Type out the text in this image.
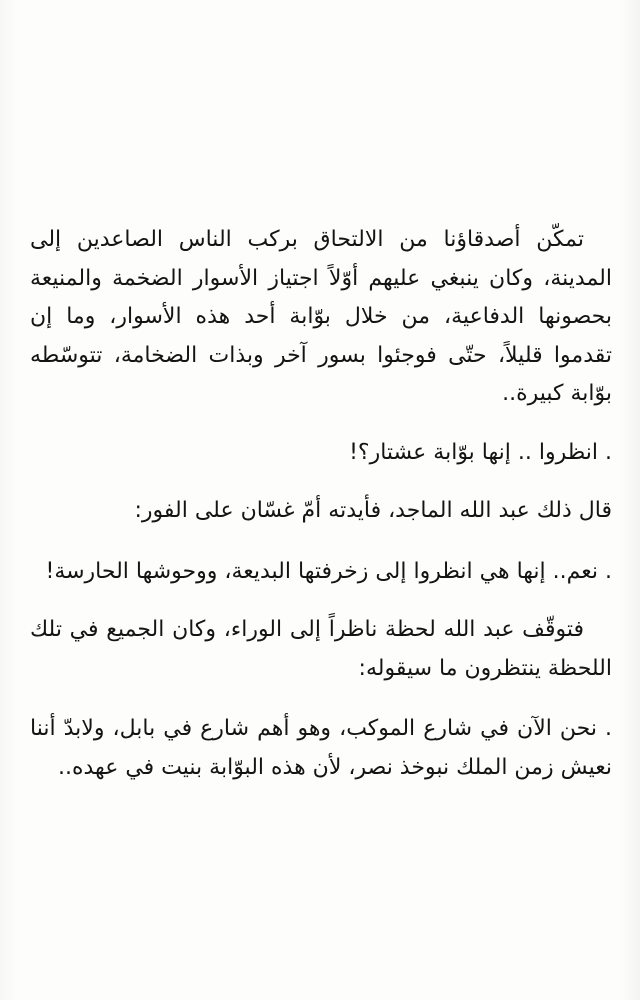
تمكّن أصدقاؤنا من الالتحاق بركب الناس الصاعدين إلى المدينة، وكان ينبغي عليهم أوّلاً اجتياز الأسوار الضخمة والمنيعة بحصونها الدفاعية، من خلال بوّابة أحد هذه الأسوار، وما إن تقدموا قليلاً، حتّى فوجئوا بسور آخر وبذات الضخامة، تتوسّطه بوّابة كبيرة..

. انظروا .. إنها بوّابة عشتار؟!

قال ذلك عبد الله الماجد، فأيدته أمّ غسّان على الفور:

. نعم.. إنها هي انظروا إلى زخرفتها البديعة، ووحوشها الحارسة!

فتوقّف عبد الله لحظة ناظراً إلى الوراء، وكان الجميع في تلك اللحظة ينتظرون ما سيقوله:

. نحن الآن في شارع الموكب، وهو أهم شارع في بابل، ولابدّ أننا نعيش زمن الملك نبوخذ نصر، لأن هذه البوّابة بنيت في عهده..
